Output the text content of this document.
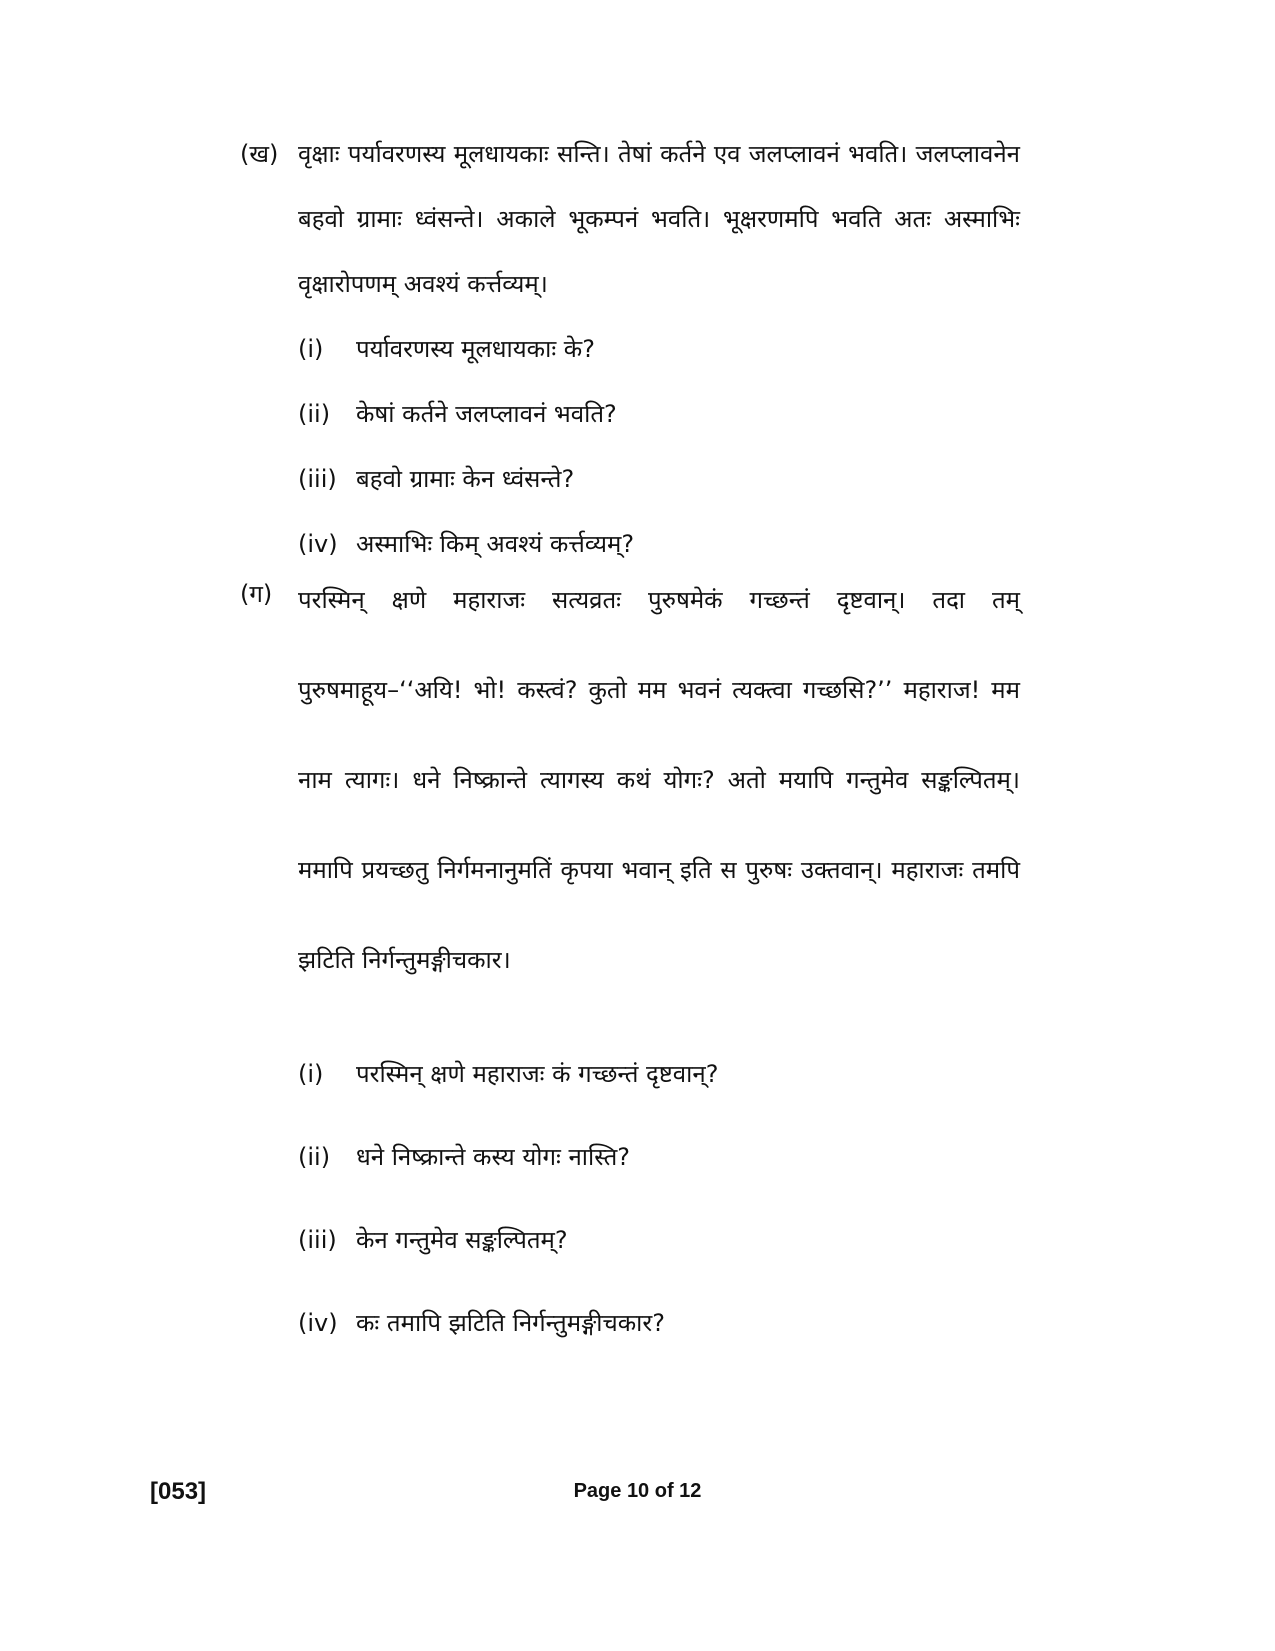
(ख) वृक्षाः पर्यावरणस्य मूलधायकाः सन्ति। तेषां कर्तने एव जलप्लावनं भवति। जलप्लावनेन बहवो ग्रामाः ध्वंसन्ते। अकाले भूकम्पनं भवति। भूक्षरणमपि भवति अतः अस्माभिः वृक्षारोपणम् अवश्यं कर्त्तव्यम्।
(i) पर्यावरणस्य मूलधायकाः के?
(ii) केषां कर्तने जलप्लावनं भवति?
(iii) बहवो ग्रामाः केन ध्वंसन्ते?
(iv) अस्माभिः किम् अवश्यं कर्त्तव्यम्?
(ग) परस्मिन् क्षणे महाराजः सत्यव्रतः पुरुषमेकं गच्छन्तं दृष्टवान्। तदा तम् पुरुषमाहूय–‘‘अयि! भो! कस्त्वं? कुतो मम भवनं त्यक्त्वा गच्छसि?’’ महाराज! मम नाम त्यागः। धने निष्क्रान्ते त्यागस्य कथं योगः? अतो मयापि गन्तुमेव सङ्कल्पितम्। ममापि प्रयच्छतु निर्गमनानुमतिं कृपया भवान् इति स पुरुषः उक्तवान्। महाराजः तमपि झटिति निर्गन्तुमङ्गीचकार।
(i) परस्मिन् क्षणे महाराजः कं गच्छन्तं दृष्टवान्?
(ii) धने निष्क्रान्ते कस्य योगः नास्ति?
(iii) केन गन्तुमेव सङ्कल्पितम्?
(iv) कः तमापि झटिति निर्गन्तुमङ्गीचकार?
[053]	Page 10 of 12
